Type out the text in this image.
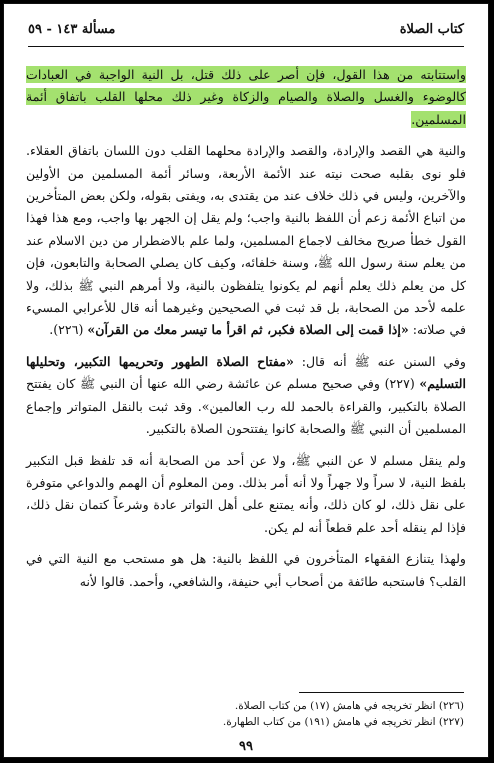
كتاب الصلاة
مسألة ١٤٣ - ٥٩

واستتابته من هذا القول، فإن أصر على ذلك قتل، بل النية الواجبة في العبادات كالوضوء والغسل والصلاة والصيام والزكاة وغير ذلك محلها القلب باتفاق أئمة المسلمين.

والنية هي القصد والإرادة، والقصد والإرادة محلهما القلب دون اللسان باتفاق العقلاء. فلو نوى بقلبه صحت نيته عند الأئمة الأربعة، وسائر أئمة المسلمين من الأولين والآخرين، وليس في ذلك خلاف عند من يقتدى به، ويفتى بقوله، ولكن بعض المتأخرين من اتباع الأئمة زعم أن اللفظ بالنية واجب؛ ولم يقل إن الجهر بها واجب، ومع هذا فهذا القول خطأ صريح مخالف لاجماع المسلمين، ولما علم بالاضطرار من دين الاسلام عند من يعلم سنة رسول الله ﷺ، وسنة خلفائه، وكيف كان يصلي الصحابة والتابعون، فإن كل من يعلم ذلك يعلم أنهم لم يكونوا يتلفظون بالنية، ولا أمرهم النبي ﷺ بذلك، ولا علمه لأحد من الصحابة، بل قد ثبت في الصحيحين وغيرهما أنه قال للأعرابي المسيء في صلاته: «إذا قمت إلى الصلاة فكبر، ثم اقرأ ما تيسر معك من القرآن» (٢٢٦).

وفي السنن عنه ﷺ أنه قال: «مفتاح الصلاة الطهور وتحريمها التكبير، وتحليلها التسليم» (٢٢٧) وفي صحيح مسلم عن عائشة رضي الله عنها أن النبي ﷺ كان يفتتح الصلاة بالتكبير، والقراءة بالحمد لله رب العالمين». وقد ثبت بالنقل المتواتر وإجماع المسلمين أن النبي ﷺ والصحابة كانوا يفتتحون الصلاة بالتكبير.

ولم ينقل مسلم لا عن النبي ﷺ، ولا عن أحد من الصحابة أنه قد تلفظ قبل التكبير بلفظ النية، لا سراً ولا جهراً ولا أنه أمر بذلك. ومن المعلوم أن الهمم والدواعي متوفرة على نقل ذلك، لو كان ذلك، وأنه يمتنع على أهل التواتر عادة وشرعاً كتمان نقل ذلك، فإذا لم ينقله أحد علم قطعاً أنه لم يكن.

ولهذا يتنازع الفقهاء المتأخرون في اللفظ بالنية: هل هو مستحب مع النية التي في القلب؟ فاستحبه طائفة من أصحاب أبي حنيفة، والشافعي، وأحمد. قالوا لأنه

(٢٢٦) انظر تخريجه في هامش (١٧) من كتاب الصلاة.
(٢٢٧) انظر تخريجه في هامش (١٩١) من كتاب الطهارة.
٩٩
